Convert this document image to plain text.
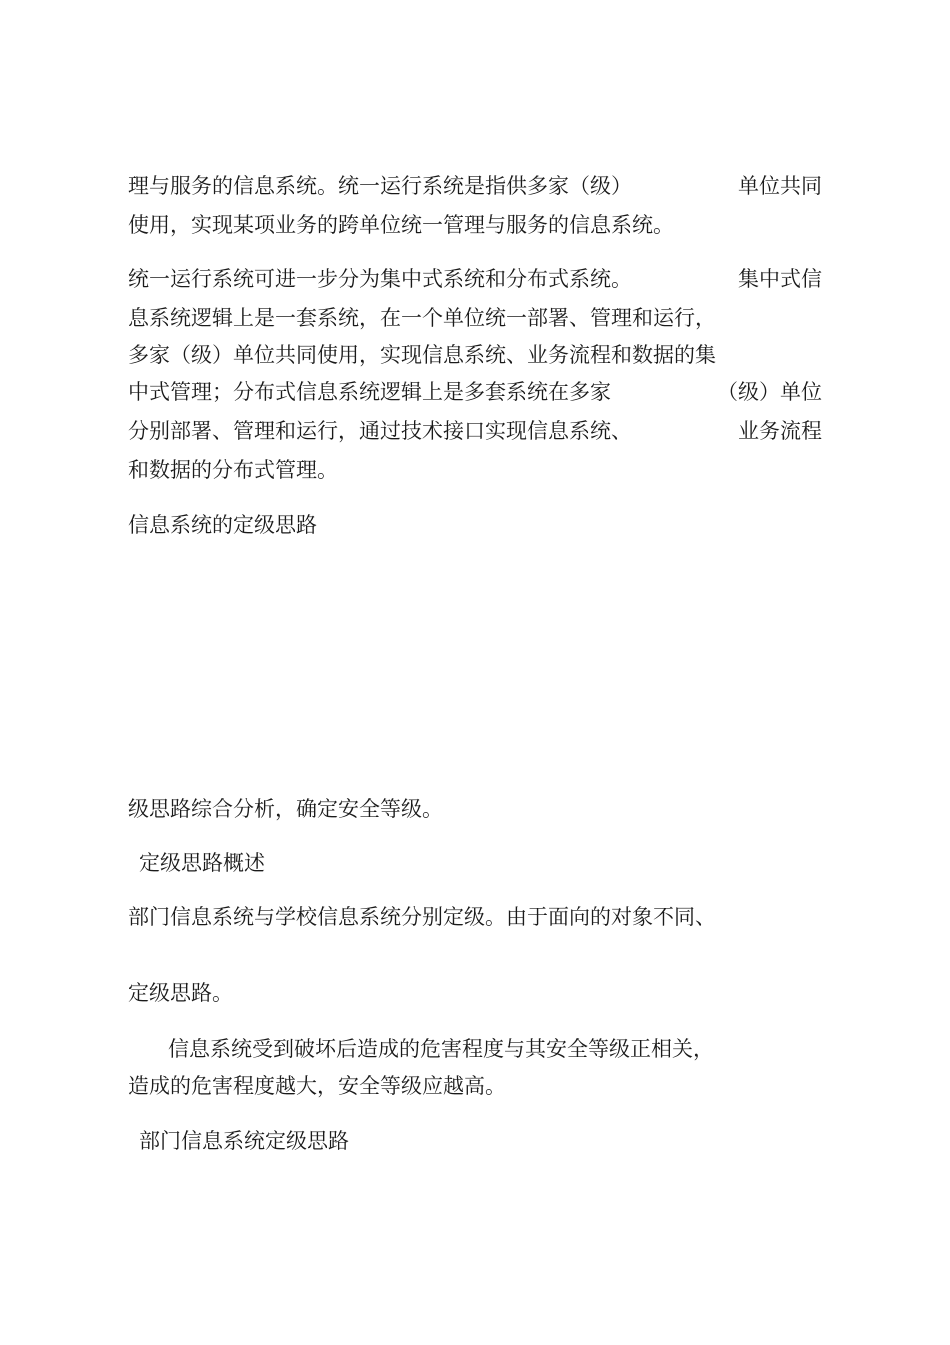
理与服务的信息系统。统一运行系统是指供多家（级）	单位共同
使用，实现某项业务的跨单位统一管理与服务的信息系统。
统一运行系统可进一步分为集中式系统和分布式系统。	集中式信
息系统逻辑上是一套系统，在一个单位统一部署、管理和运行，
多家（级）单位共同使用，实现信息系统、业务流程和数据的集
中式管理；分布式信息系统逻辑上是多套系统在多家	（级）单位
分别部署、管理和运行，通过技术接口实现信息系统、	业务流程
和数据的分布式管理。
信息系统的定级思路

级思路综合分析，确定安全等级。
定级思路概述
部门信息系统与学校信息系统分别定级。由于面向的对象不同、

定级思路。
信息系统受到破坏后造成的危害程度与其安全等级正相关，
造成的危害程度越大，安全等级应越高。
部门信息系统定级思路
